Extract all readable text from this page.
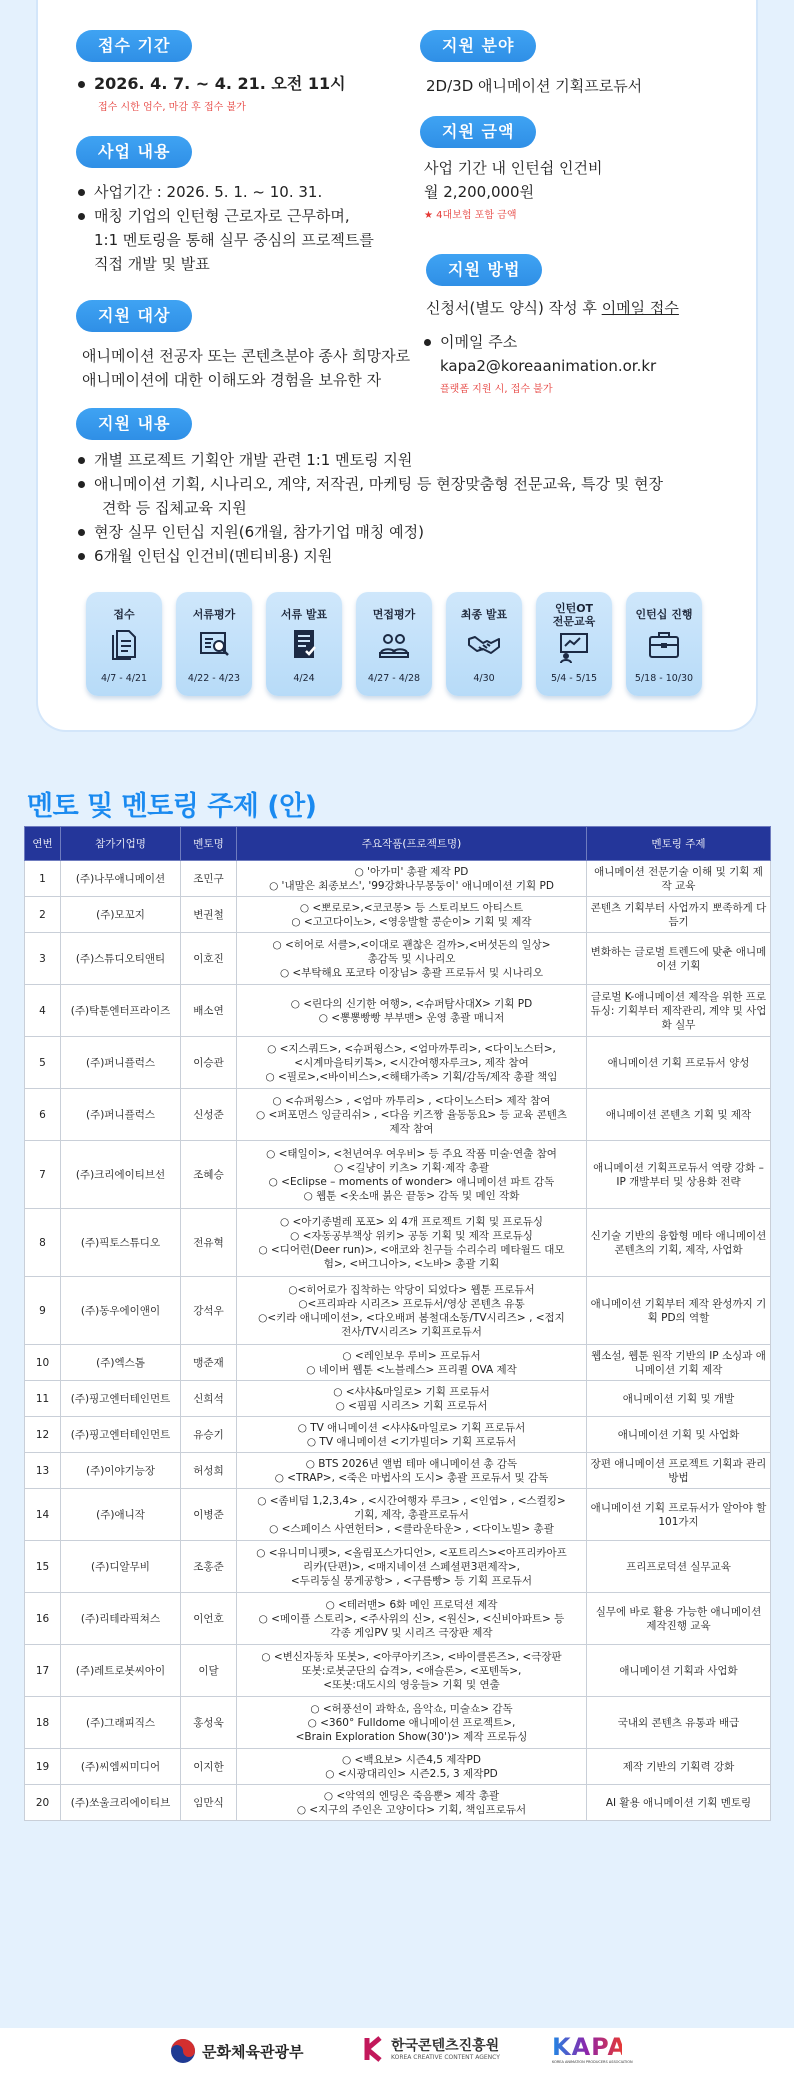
접수 기간
2026. 4. 7. ~ 4. 21. 오전 11시
접수 시한 엄수, 마감 후 접수 불가
사업 내용
사업기간 : 2026. 5. 1. ~ 10. 31.
매칭 기업의 인턴형 근로자로 근무하며,
1:1 멘토링을 통해 실무 중심의 프로젝트를
직접 개발 및 발표
지원 대상
애니메이션 전공자 또는 콘텐츠분야 종사 희망자로
애니메이션에 대한 이해도와 경험을 보유한 자
지원 내용
개별 프로젝트 기획안 개발 관련 1:1 멘토링 지원
애니메이션 기획, 시나리오, 계약, 저작권, 마케팅 등 현장맞춤형 전문교육, 특강 및 현장
견학 등 집체교육 지원
현장 실무 인턴십 지원(6개월, 참가기업 매칭 예정)
6개월 인턴십 인건비(멘티비용) 지원
지원 분야
2D/3D 애니메이션 기획프로듀서
지원 금액
사업 기간 내 인턴쉽 인건비
월 2,200,000원
★ 4대보험 포함 금액
지원 방법
신청서(별도 양식) 작성 후 이메일 접수
이메일 주소
kapa2@koreaanimation.or.kr
플랫폼 지원 시, 접수 불가
접수
4/7 - 4/21
서류평가
4/22 - 4/23
서류 발표
4/24
면접평가
4/27 - 4/28
최종 발표
4/30
인턴OT
전문교육
5/4 - 5/15
인턴십 진행
5/18 - 10/30
멘토 및 멘토링 주제 (안)
연번	참가기업명	멘토명	주요작품(프로젝트명)	멘토링 주제
1	(주)나무애니메이션	조민구	○ '아가미' 총괄 제작 PD
○ '내말은 최종보스', '99강화나무몽둥이' 애니메이션 기획 PD	애니메이션 전문기술 이해 및 기획 제작 교육
2	(주)모꼬지	변권철	○ <뽀로로>,<코코몽> 등 스토리보드 아티스트
○ <고고다이노>, <영웅발할 콩순이> 기획 및 제작	콘텐츠 기획부터 사업까지 뽀족하게 다듬기
3	(주)스튜디오티앤티	이호진	○ <히어로 서클>,<이대로 괜찮은 걸까>,<버섯돈의 일상>
총감독 및 시나리오
○ <부탁해요 포코타 이장님> 총괄 프로듀서 및 시나리오	변화하는 글로벌 트렌드에 맞춘 애니메이션 기획
4	(주)탁툰엔터프라이즈	배소연	○ <린다의 신기한 여행>, <슈퍼탐사대X> 기획 PD
○ <뽕뽕빵빵 부부맨> 운영 총괄 매니저	글로벌 K-애니메이션 제작을 위한 프로듀싱: 기획부터 제작관리, 계약 및 사업화 실무
5	(주)퍼니플럭스	이승관	○ <지스쿼드>, <슈퍼윙스>, <엄마까투리>, <다이노스터>,
<시계마을티키톡>, <시간여행자루크>, 제작 참여
○ <필로>,<바이비스>,<해태가족> 기획/감독/제작 총괄 책임	애니메이션 기획 프로듀서 양성
6	(주)퍼니플럭스	신성준	○ <슈퍼윙스> , <엄마 까투리> , <다이노스터> 제작 참여
○ <퍼포먼스 잉글리쉬> , <다음 키즈짱 율동동요> 등 교육 콘텐츠
제작 참여	애니메이션 콘텐츠 기획 및 제작
7	(주)크리에이티브선	조혜승	○ <태일이>, <천년여우 여우비> 등 주요 작품 미술·연출 참여
○ <길냥이 키츠> 기획·제작 총괄
○ <Eclipse – moments of wonder> 애니메이션 파트 감독
○ 웹툰 <옷소매 붉은 끝동> 감독 및 메인 작화	애니메이션 기획프로듀서 역량 강화 – IP 개발부터 및 상용화 전략
8	(주)픽토스튜디오	전유혁	○ <아기종벌레 포포> 외 4개 프로젝트 기획 및 프로듀싱
○ <자동공부책상 위키> 공동 기획 및 제작 프로듀싱
○ <디어런(Deer run)>, <애코와 친구들 수리수리 메타월드 대모
험>, <버그니아>, <노바> 총괄 기획	신기술 기반의 융합형 메타 애니메이션 콘텐츠의 기획, 제작, 사업화
9	(주)동우에이앤이	강석우	○<히어로가 집착하는 악당이 되었다> 웹툰 프로듀서
○<프리파라 시리즈> 프로듀서/영상 콘텐츠 유통
○<키라 애니메이션>, <다오배퍼 봄철대소동/TV시리즈> , <접지
전사/TV시리즈> 기획프로듀서	애니메이션 기획부터 제작 완성까지 기획 PD의 역할
10	(주)엑스톰	맹준재	○ <레인보우 루비> 프로듀서
○ 네이버 웹툰 <노블레스> 프리퀼 OVA 제작	웹소설, 웹툰 원작 기반의 IP 소싱과 애니메이션 기획 제작
11	(주)핑고엔터테인먼트	신희석	○ <샤샤&마일로> 기획 프로듀서
○ <핌핌 시리즈> 기획 프로듀서	애니메이션 기획 및 개발
12	(주)핑고엔터테인먼트	유승기	○ TV 애니메이션 <샤샤&마일로> 기획 프로듀서
○ TV 애니메이션 <기가빌더> 기획 프로듀서	애니메이션 기획 및 사업화
13	(주)이야기능장	허성희	○ BTS 2026년 앨범 테마 애니메이션 총 감독
○ <TRAP>, <죽은 마법사의 도시> 총괄 프로듀서 및 감독	장편 애니메이션 프로젝트 기획과 관리 방법
14	(주)애니작	이병준	○ <좀비덤 1,2,3,4> , <시간여행자 루크> , <인엽> , <스컬킹>
기획, 제작, 총괄프로듀서
○ <스페이스 사연헌터> , <클라운타운> , <다이노빌> 총괄	애니메이션 기획 프로듀서가 알아야 할 101가지
15	(주)디알무비	조홍준	○ <유니미니펫>, <올림포스가디언>, <포트리스><아프리카아프
리카(단편)>, <매지네이션 스페셜편3편제작>,
<두리둥실 뭉게공항> , <구름빵> 등 기획 프로듀서	프리프로덕션 실무교육
16	(주)리테라픽쳐스	이언호	○ <테러맨> 6화 메인 프로덕션 제작
○ <메이플 스토리>, <주사위의 신>, <원신>, <신비아파트> 등
각종 게임PV 및 시리즈 극장판 제작	실무에 바로 활용 가능한 애니메이션 제작진행 교육
17	(주)레트로봇씨아이	이달	○ <변신자동차 또봇>, <아쿠아키즈>, <바이클론즈>, <극장판
또봇:로봇군단의 습격>, <애슬론>, <포텐독>,
<또봇:대도시의 영웅들> 기획 및 연출	애니메이션 기획과 사업화
18	(주)그래피직스	홍성욱	○ <허풍선이 과학쇼, 음악쇼, 미술쇼> 감독
○ <360° Fulldome 애니메이션 프로젝트>,
<Brain Exploration Show(30')> 제작 프로듀싱	국내외 콘텐츠 유통과 배급
19	(주)씨엠씨미디어	이지한	○ <백요보> 시즌4,5 제작PD
○ <시광대리인> 시즌2.5, 3 제작PD	제작 기반의 기획력 강화
20	(주)쏘울크리에이티브	임만식	○ <악역의 엔딩은 죽음뿐> 제작 총괄
○ <지구의 주인은 고양이다> 기획, 책임프로듀서	AI 활용 애니메이션 기획 멘토링
문화체육관광부	한국콘텐츠진흥원
KOREA CREATIVE CONTENT AGENCY KAPA
KOREA ANIMATION PRODUCERS ASSOCIATION
